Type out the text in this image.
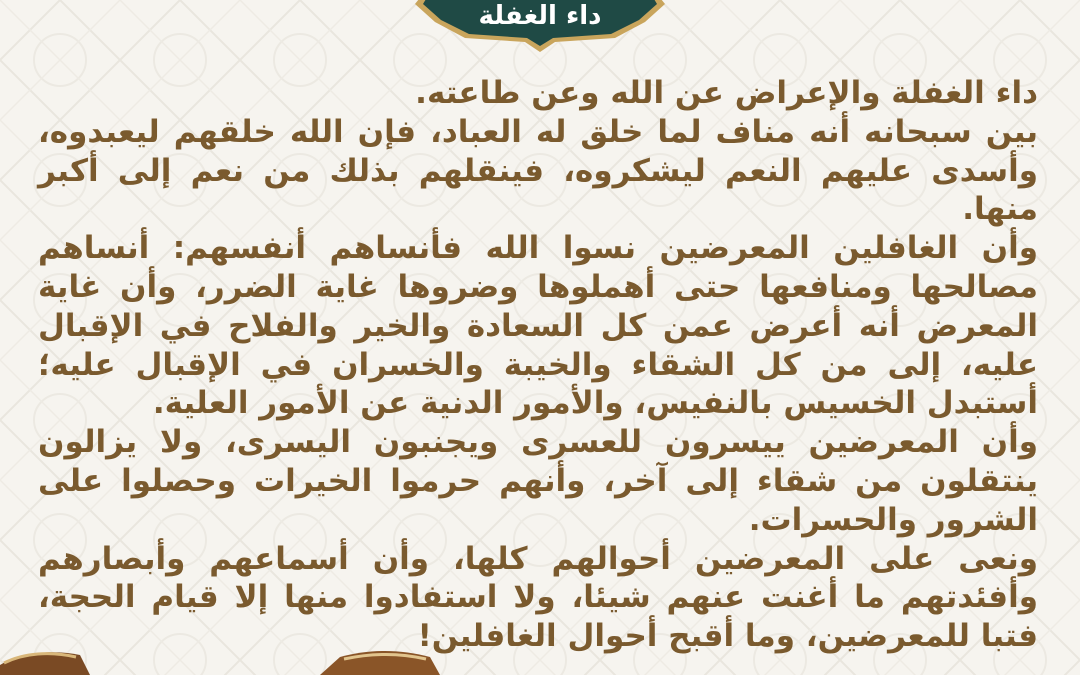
داء الغفلة

داء الغفلة والإعراض عن الله وعن طاعته.

بين سبحانه أنه مناف لما خلق له العباد، فإن الله خلقهم ليعبدوه، وأسدى عليهم النعم ليشكروه، فينقلهم بذلك من نعم إلى أكبر منها.

وأن الغافلين المعرضين نسوا الله فأنساهم أنفسهم: أنساهم مصالحها ومنافعها حتى أهملوها وضروها غاية الضرر، وأن غاية المعرض أنه أعرض عمن كل السعادة والخير والفلاح في الإقبال عليه، إلى من كل الشقاء والخيبة والخسران في الإقبال عليه؛ أستبدل الخسيس بالنفيس، والأمور الدنية عن الأمور العلية.

وأن المعرضين ييسرون للعسرى ويجنبون اليسرى، ولا يزالون ينتقلون من شقاء إلى آخر، وأنهم حرموا الخيرات وحصلوا على الشرور والحسرات.

ونعى على المعرضين أحوالهم كلها، وأن أسماعهم وأبصارهم وأفئدتهم ما أغنت عنهم شيئا، ولا استفادوا منها إلا قيام الحجة، فتبا للمعرضين، وما أقبح أحوال الغافلين!
